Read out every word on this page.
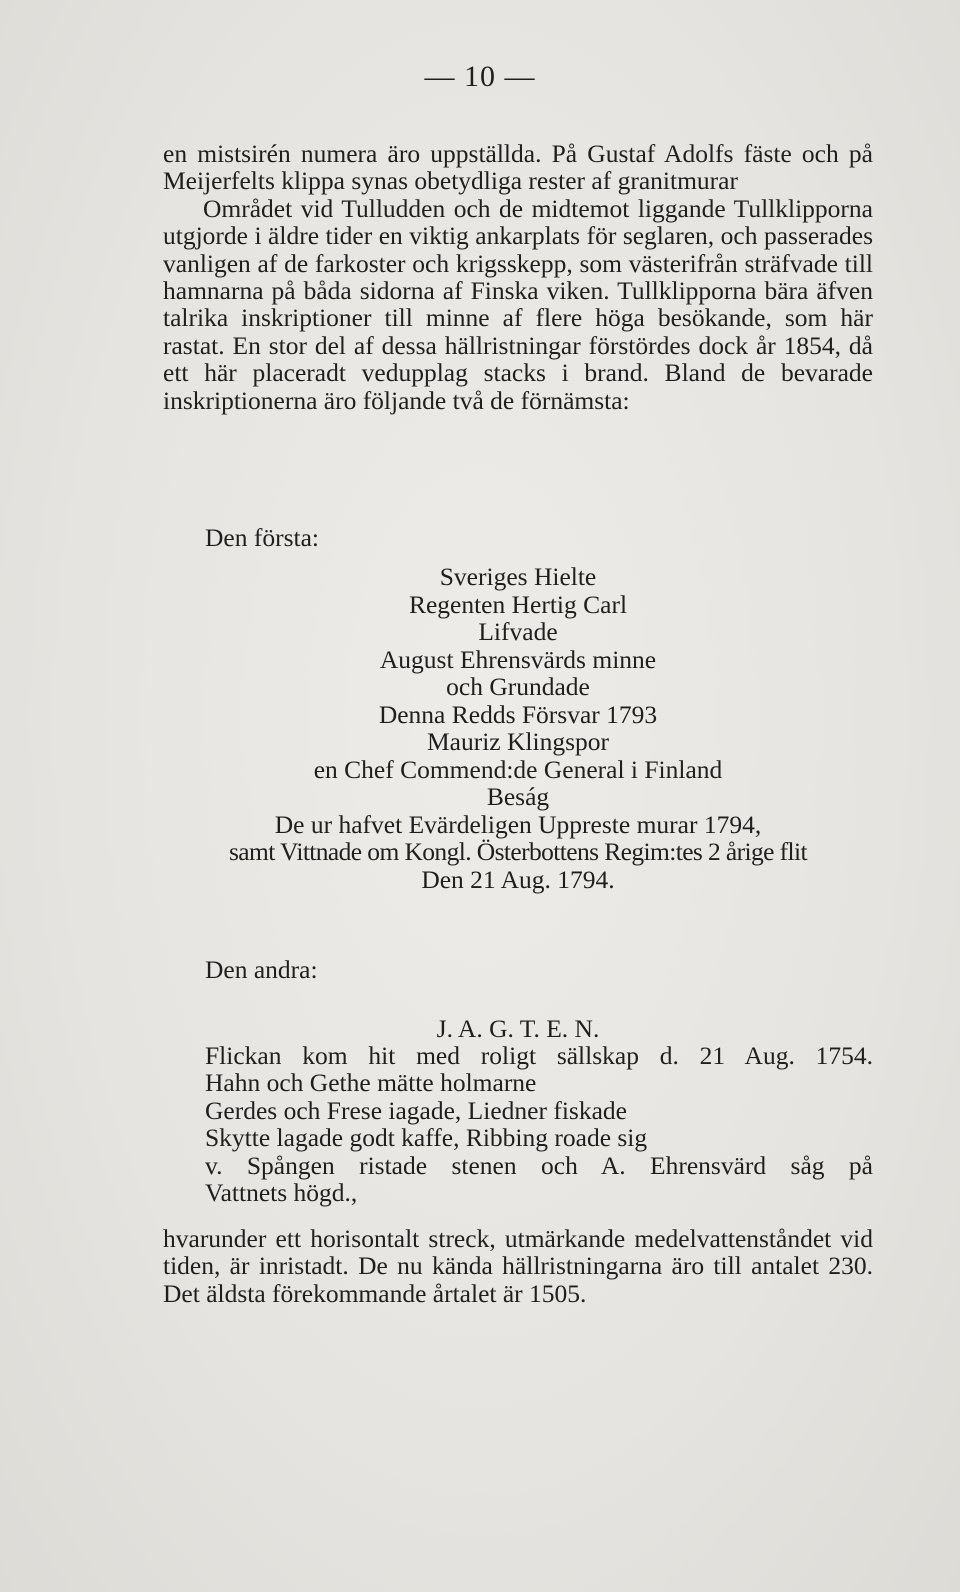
— 10 —

en mistsirén numera äro uppställda. På Gustaf Adolfs fäste och på Meijerfelts klippa synas obetydliga rester af granitmurar

Området vid Tulludden och de midtemot liggande Tullklipporna utgjorde i äldre tider en viktig ankarplats för seglaren, och passerades vanligen af de farkoster och krigsskepp, som västerifrån sträfvade till hamnarna på båda sidorna af Finska viken. Tullklipporna bära äfven talrika inskriptioner till minne af flere höga besökande, som här rastat. En stor del af dessa hällristningar förstördes dock år 1854, då ett här placeradt vedupplag stacks i brand. Bland de bevarade inskriptionerna äro följande två de förnämsta:

Den första:
Sveriges Hielte
Regenten Hertig Carl
Lifvade
August Ehrensvärds minne
och Grundade
Denna Redds Försvar 1793
Mauriz Klingspor
en Chef Commend:de General i Finland
Beság
De ur hafvet Evärdeligen Uppreste murar 1794,
samt Vittnade om Kongl. Österbottens Regim:tes 2 årige flit
Den 21 Aug. 1794.
Den andra:
J. A. G. T. E. N.
Flickan kom hit med roligt sällskap d. 21 Aug. 1754.
Hahn och Gethe mätte holmarne
Gerdes och Frese iagade, Liedner fiskade
Skytte lagade godt kaffe, Ribbing roade sig
v. Spången ristade stenen och A. Ehrensvärd såg på
Vattnets högd.,

hvarunder ett horisontalt streck, utmärkande medelvattenståndet vid tiden, är inristadt. De nu kända hällristningarna äro till antalet 230. Det äldsta förekommande årtalet är 1505.
